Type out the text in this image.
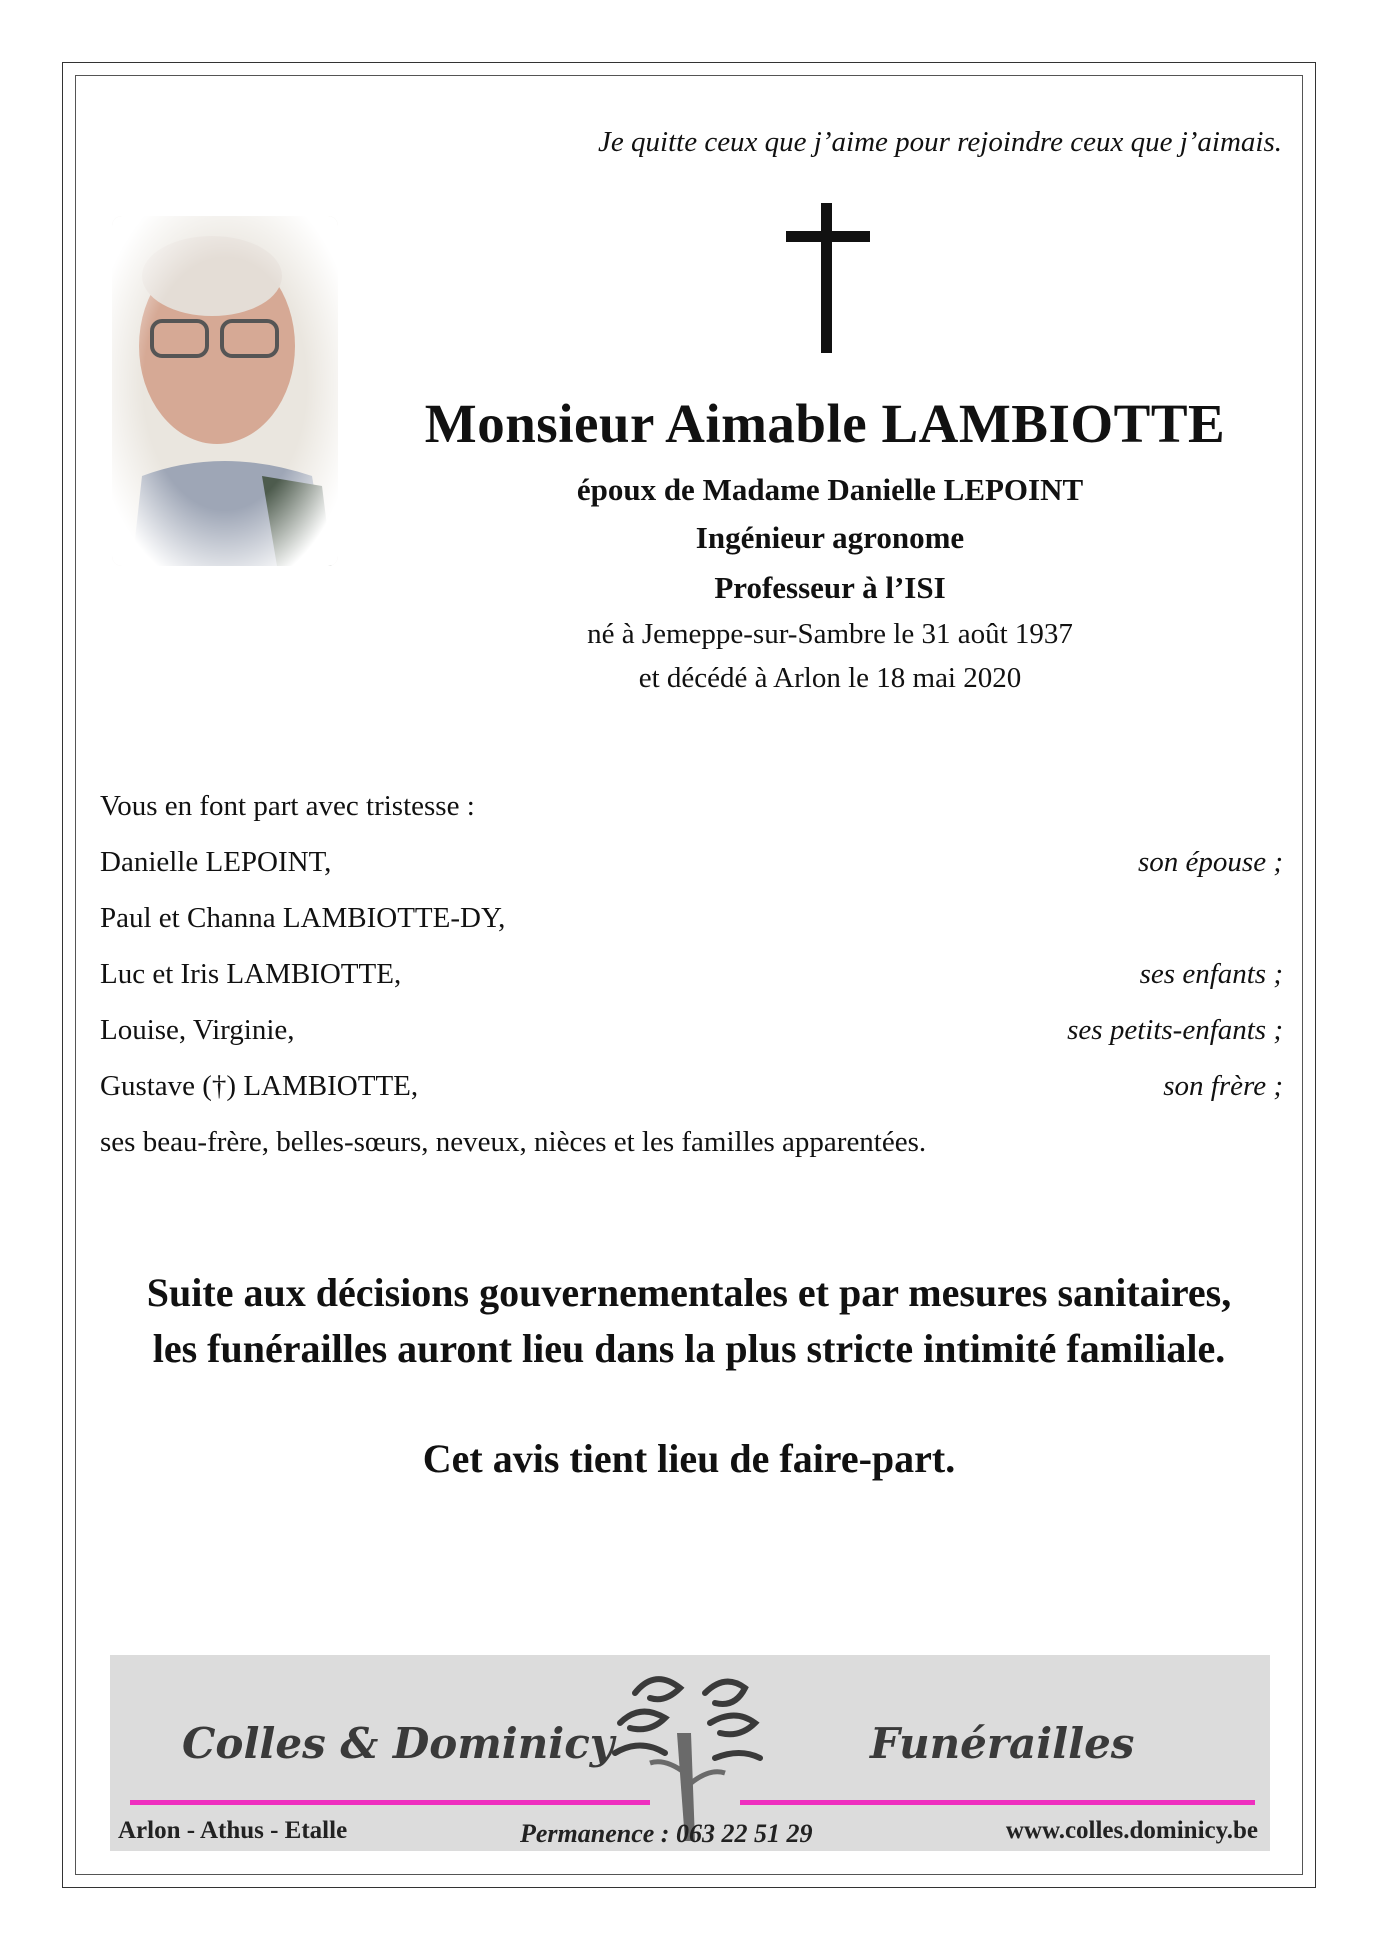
Je quitte ceux que j’aime pour rejoindre ceux que j’aimais.
Monsieur Aimable LAMBIOTTE
époux de Madame Danielle LEPOINT
Ingénieur agronome
Professeur à l’ISI
né à Jemeppe-sur-Sambre le 31 août 1937
et décédé à Arlon le 18 mai 2020
Vous en font part avec tristesse :
Danielle LEPOINT,	son épouse ;
Paul et Channa LAMBIOTTE-DY,
Luc et Iris LAMBIOTTE,	ses enfants ;
Louise, Virginie,	ses petits-enfants ;
Gustave (†) LAMBIOTTE,	son frère ;
ses beau-frère, belles-sœurs, neveux, nièces et les familles apparentées.
Suite aux décisions gouvernementales et par mesures sanitaires,
les funérailles auront lieu dans la plus stricte intimité familiale.
Cet avis tient lieu de faire-part.
Colles & Dominicy	Funérailles
Arlon - Athus - Etalle	Permanence : 063 22 51 29	www.colles.dominicy.be
